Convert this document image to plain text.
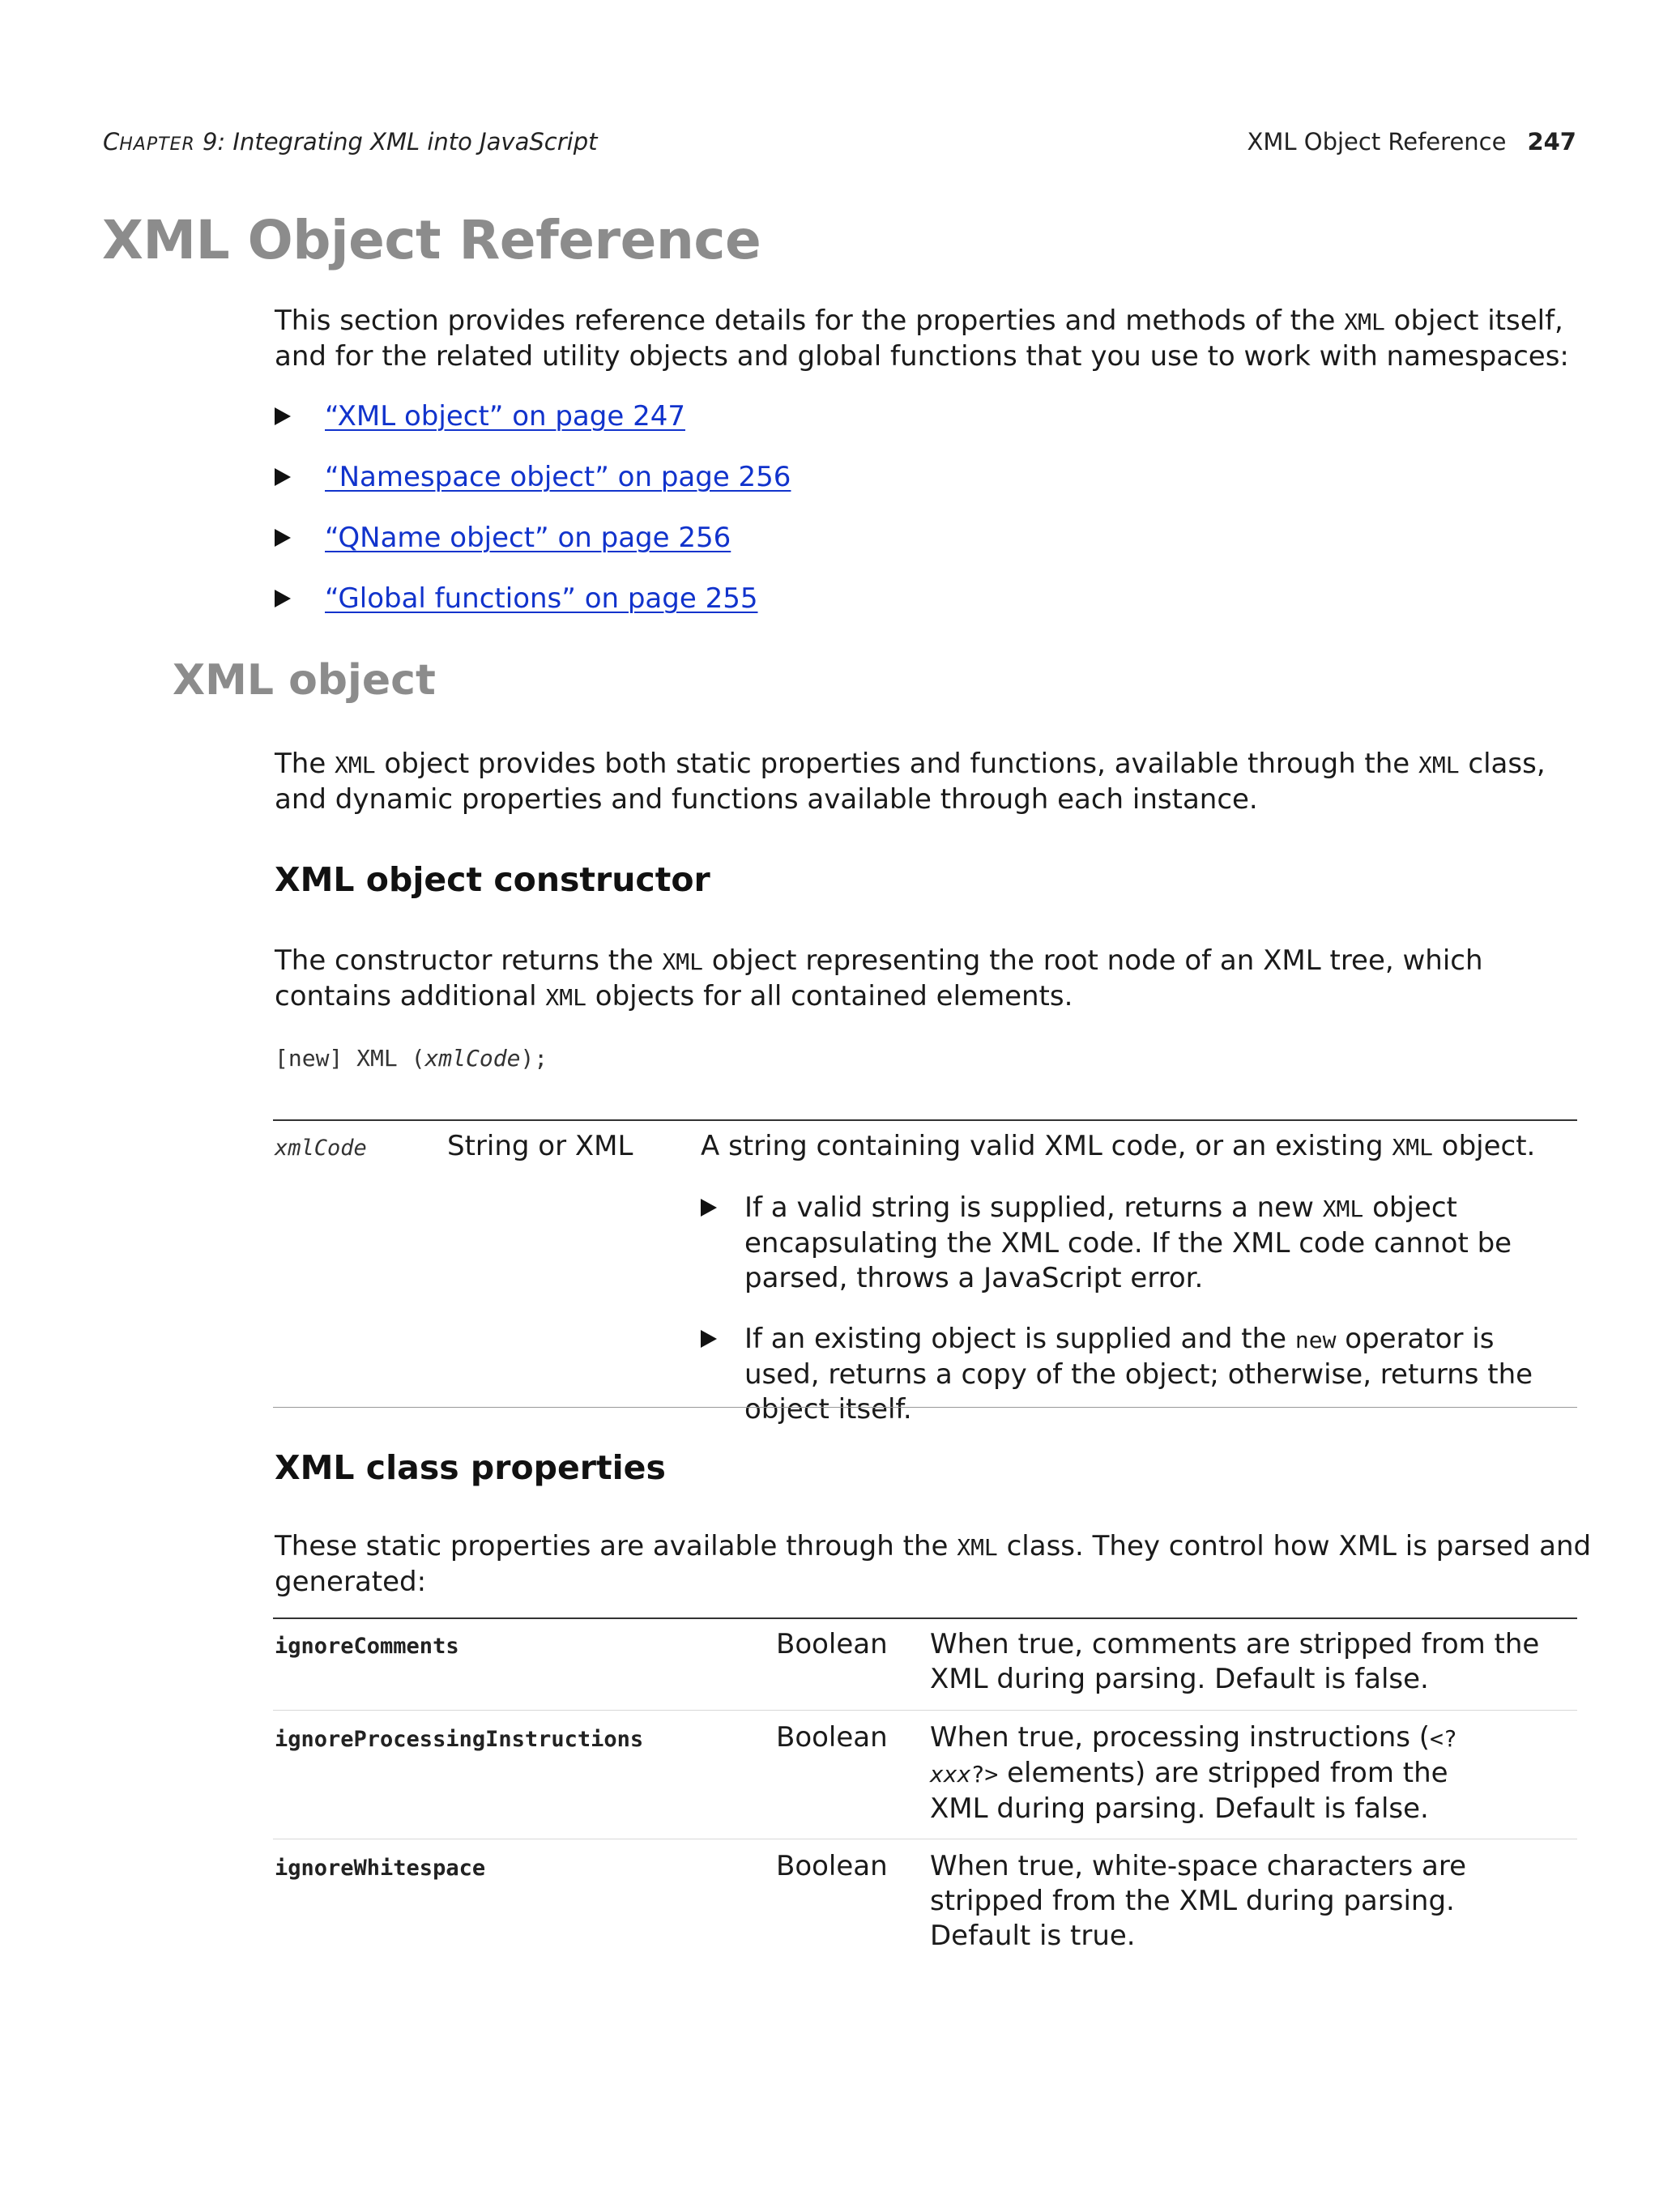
CHAPTER 9: Integrating XML into JavaScript	XML Object Reference 247
XML Object Reference
This section provides reference details for the properties and methods of the XML object itself, and for the related utility objects and global functions that you use to work with namespaces:
“XML object” on page 247
“Namespace object” on page 256
“QName object” on page 256
“Global functions” on page 255
XML object
The XML object provides both static properties and functions, available through the XML class, and dynamic properties and functions available through each instance.
XML object constructor
The constructor returns the XML object representing the root node of an XML tree, which contains additional XML objects for all contained elements.
[new] XML (xmlCode);
xmlCode	String or XML A string containing valid XML code, or an existing XML object.
If a valid string is supplied, returns a new XML object encapsulating the XML code. If the XML code cannot be parsed, throws a JavaScript error.
If an existing object is supplied and the new operator is used, returns a copy of the object; otherwise, returns the object itself.
XML class properties
These static properties are available through the XML class. They control how XML is parsed and generated:
ignoreComments	Boolean When true, comments are stripped from the XML during parsing. Default is false.
ignoreProcessingInstructions	Boolean When true, processing instructions (<?xxx?> elements) are stripped from the XML during parsing. Default is false.
ignoreWhitespace	Boolean When true, white-space characters are stripped from the XML during parsing. Default is true.
